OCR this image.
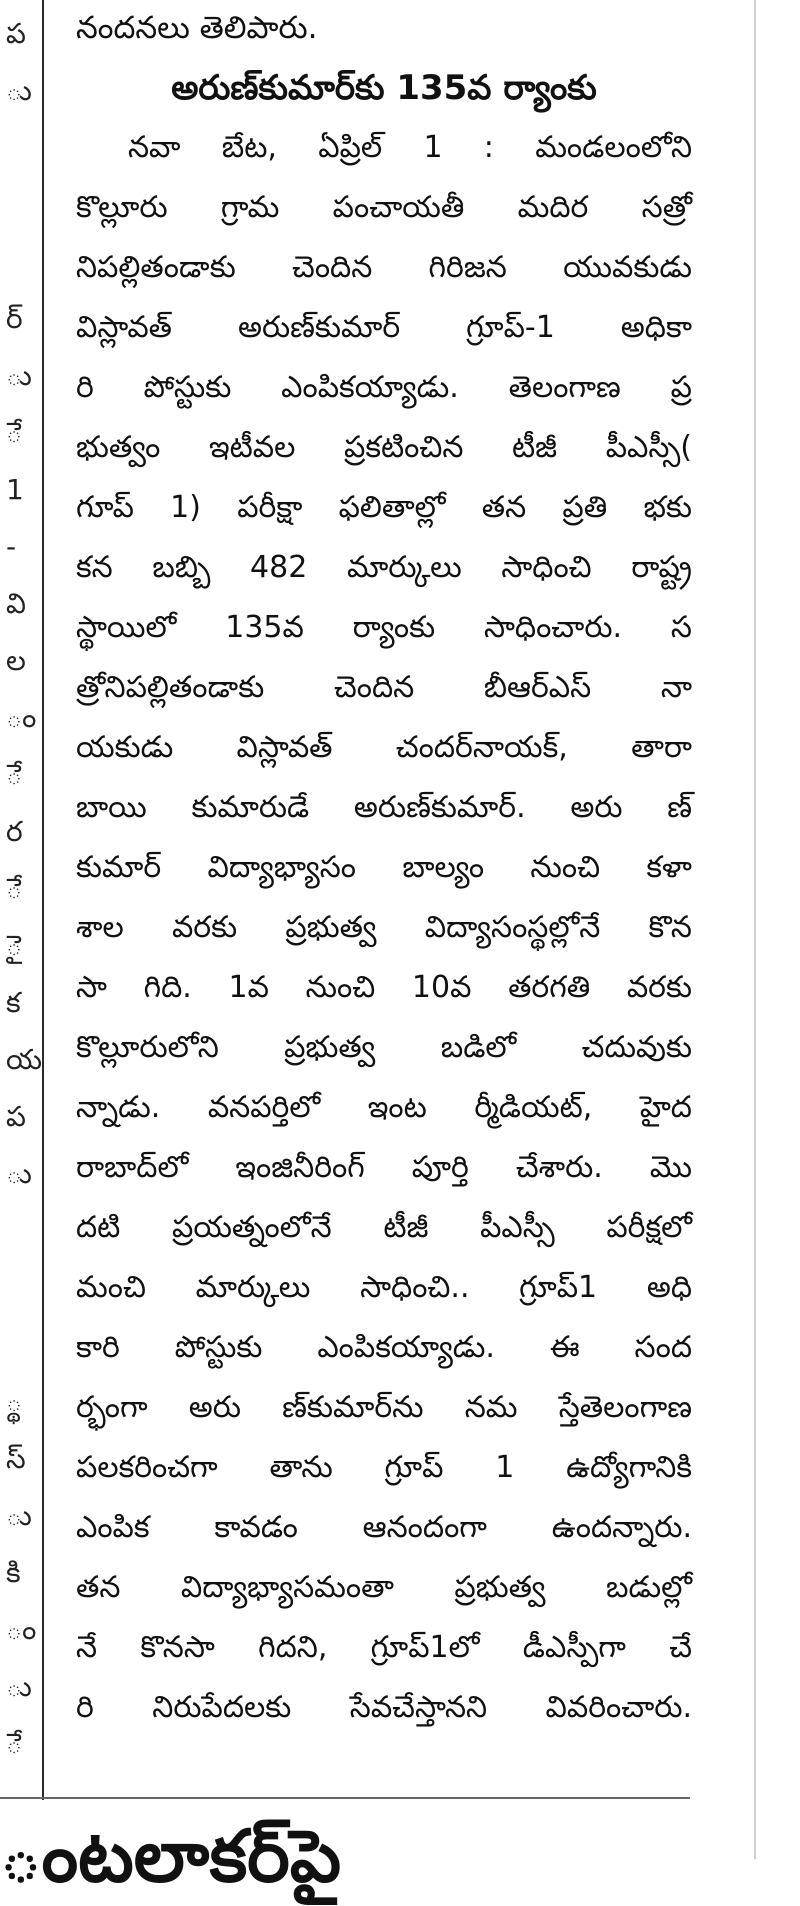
ప
ు
ర్
ు
ే
1
-
వి
ల
ం
ే
ర
ే
ై
క
య
ప
ు
్థ
స్
ు
కి
ం
ు
ే
నందనలు తెలిపారు.
అరుణ్‌కుమార్‌కు 135వ ర్యాంకు
నవా బేట, ఏప్రిల్ 1 : మండలంలోని
కొల్లూరు గ్రామ పంచాయతీ మదిర సత్రో
నిపల్లితండాకు చెందిన గిరిజన యువకుడు
విస్లావత్ అరుణ్‌కుమార్ గ్రూప్-1 అధికా
రి పోస్టుకు ఎంపికయ్యాడు. తెలంగాణ ప్ర
భుత్వం ఇటీవల ప్రకటించిన టీజీ పీఎస్సీ(
గూప్ 1) పరీక్షా ఫలితాల్లో తన ప్రతి భకు
కన బబ్బి 482 మార్కులు సాధించి రాష్ట్ర
స్థాయిలో 135వ ర్యాంకు సాధించారు. స
త్రోనిపల్లితండాకు చెందిన బీఆర్‌ఎస్ నా
యకుడు విస్లావత్ చందర్‌నాయక్, తారా
బాయి కుమారుడే అరుణ్‌కుమార్. అరు ణ్
కుమార్ విద్యాభ్యాసం బాల్యం నుంచి కళా
శాల వరకు ప్రభుత్వ విద్యాసంస్థల్లోనే కొన
సా గిది. 1వ నుంచి 10వ తరగతి వరకు
కొల్లూరులోని ప్రభుత్వ బడిలో చదువుకు
న్నాడు. వనపర్తిలో ఇంట ర్మీడియట్, హైద
రాబాద్‌లో ఇంజినీరింగ్ పూర్తి చేశారు. మొ
దటి ప్రయత్నంలోనే టీజీ పీఎస్సీ పరీక్షలో
మంచి మార్కులు సాధించి.. గ్రూప్1 అధి
కారి పోస్టుకు ఎంపికయ్యాడు. ఈ సంద
ర్భంగా అరు ణ్‌కుమార్‌ను నమ స్తేతెలంగాణ
పలకరించగా తాను గ్రూప్ 1 ఉద్యోగానికి
ఎంపిక కావడం ఆనందంగా ఉందన్నారు.
తన విద్యాభ్యాసమంతా ప్రభుత్వ బడుల్లో
నే కొనసా గిదని, గ్రూప్1లో డీఎస్పీగా చే
రి నిరుపేదలకు సేవచేస్తానని వివరించారు.
ంటలాకర్‌పై
